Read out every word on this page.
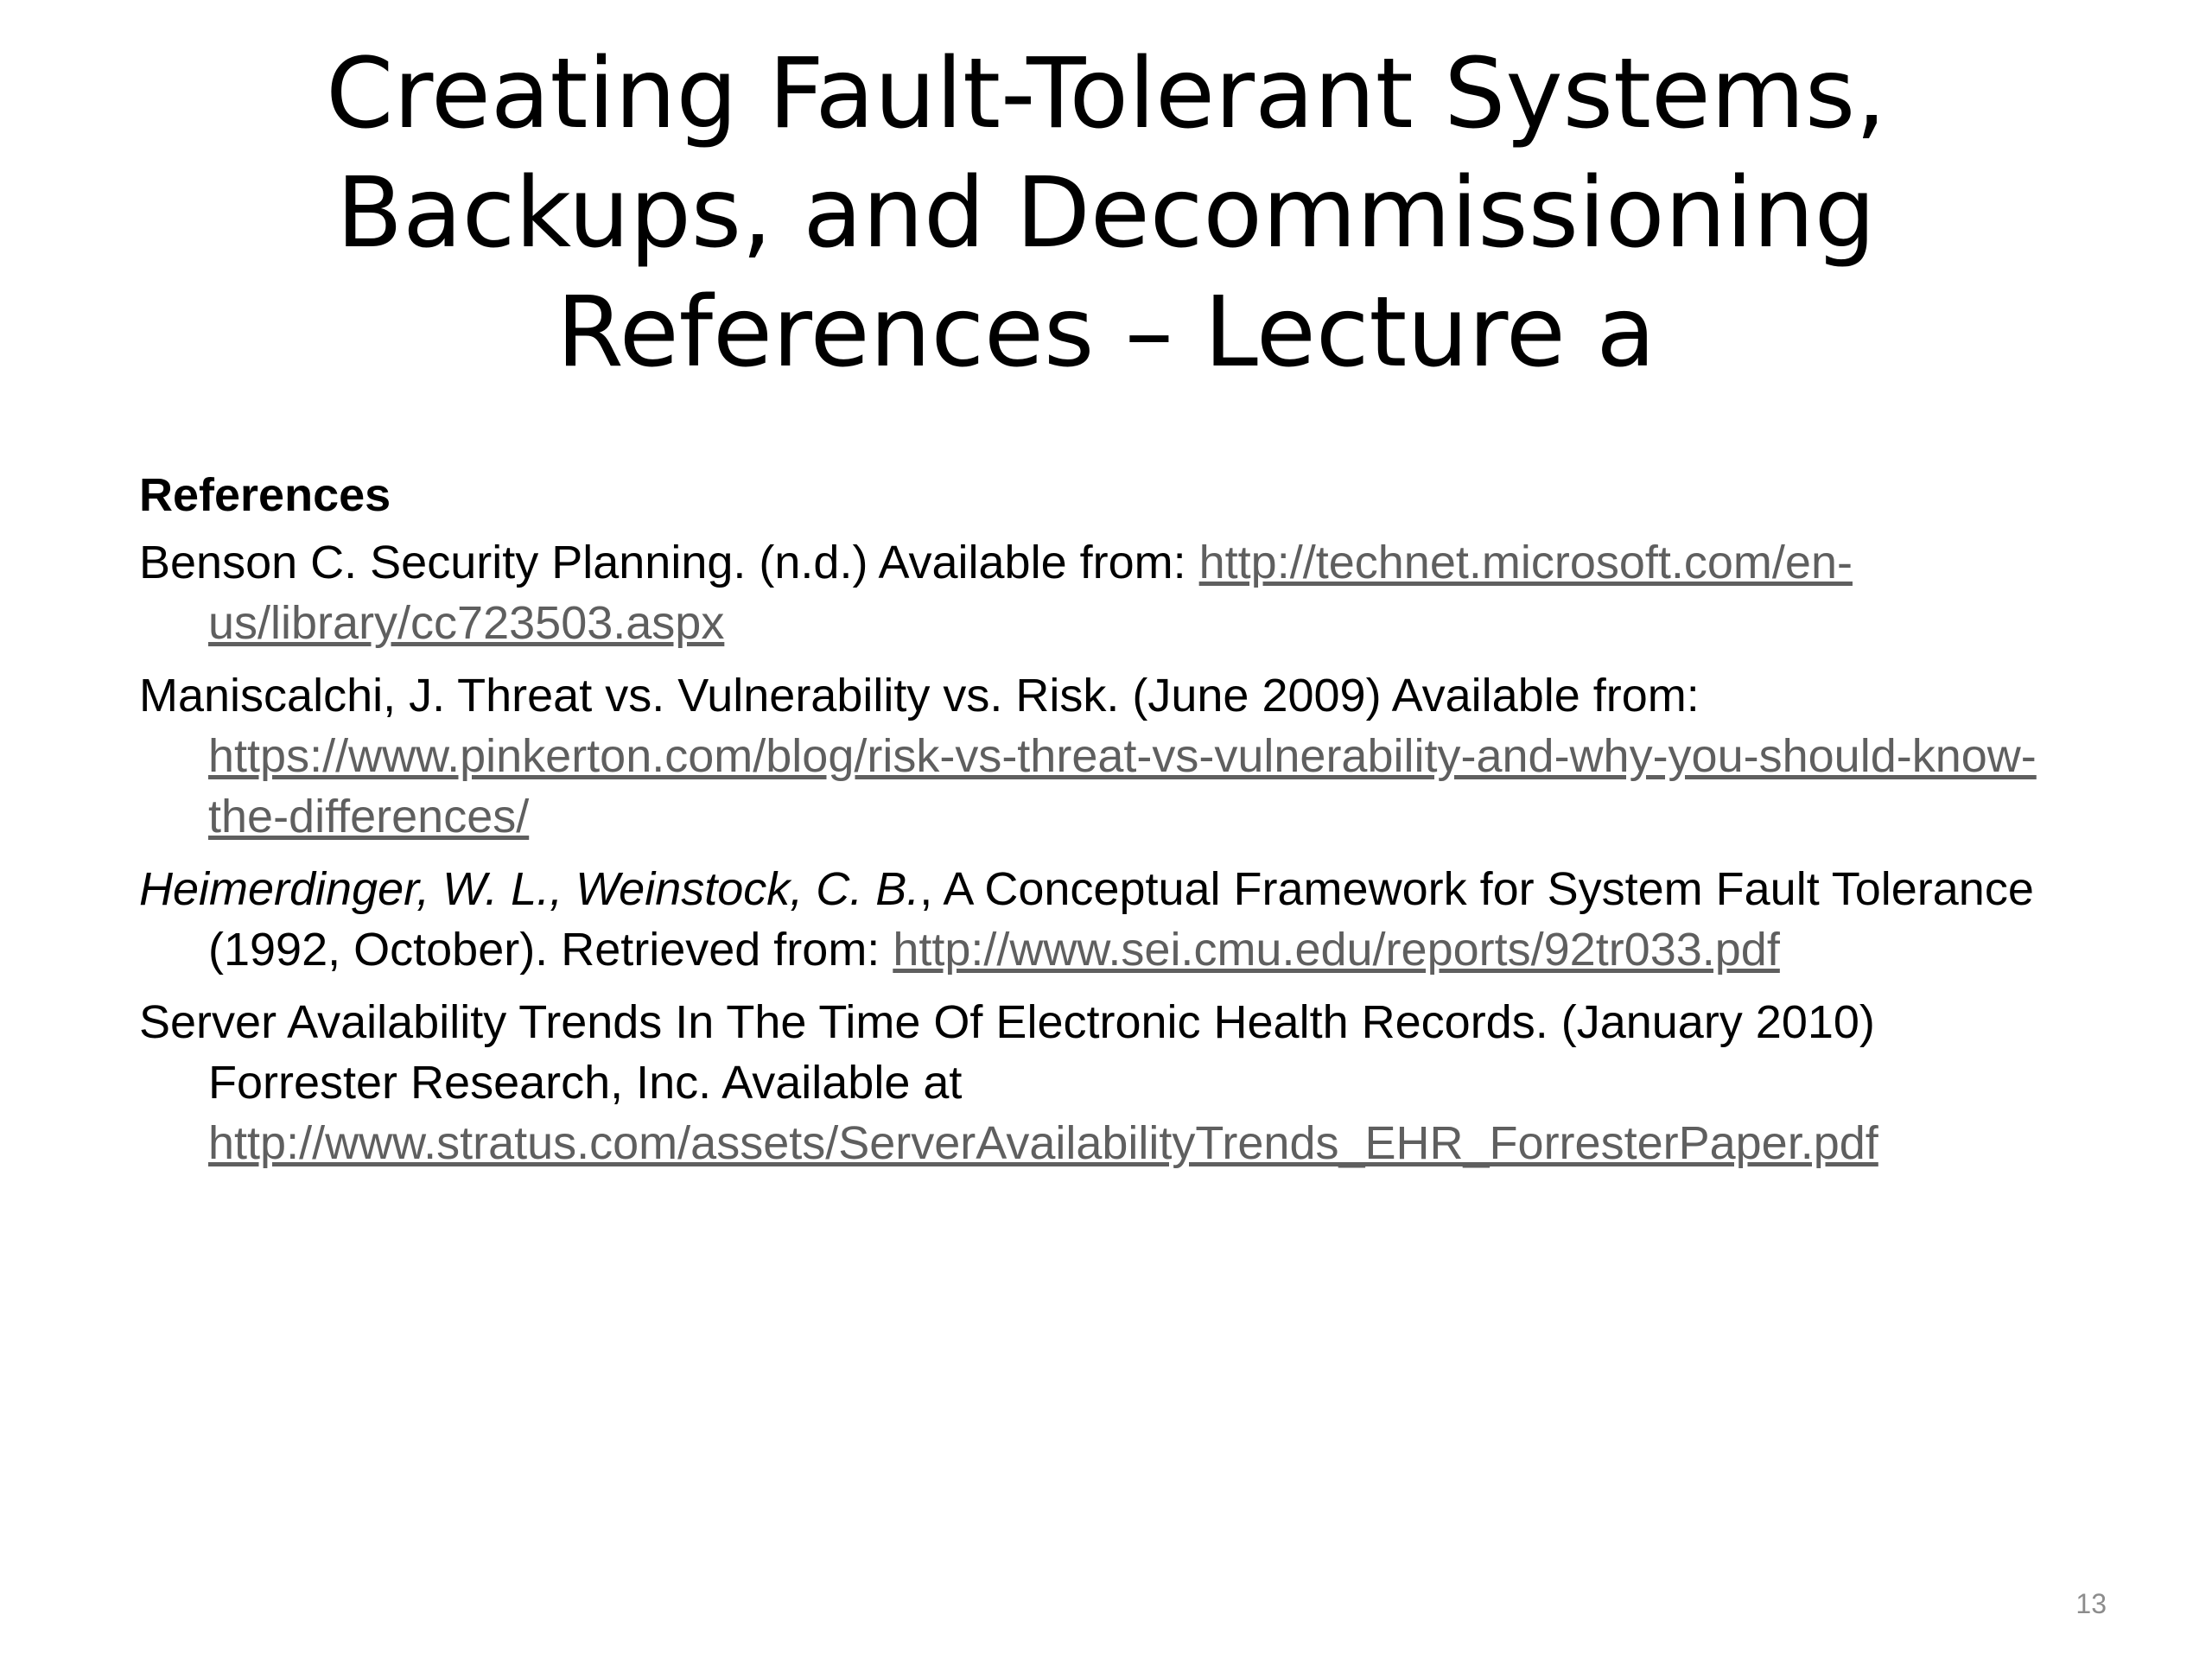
Creating Fault-Tolerant Systems,
Backups, and Decommissioning
References – Lecture a

References

Benson C. Security Planning. (n.d.) Available from: http://technet.microsoft.com/en-us/library/cc723503.aspx

Maniscalchi, J. Threat vs. Vulnerability vs. Risk. (June 2009) Available from: https://www.pinkerton.com/blog/risk-vs-threat-vs-vulnerability-and-why-you-should-know-the-differences/

Heimerdinger, W. L., Weinstock, C. B., A Conceptual Framework for System Fault Tolerance (1992, October). Retrieved from: http://www.sei.cmu.edu/reports/92tr033.pdf

Server Availability Trends In The Time Of Electronic Health Records. (January 2010) Forrester Research, Inc. Available at http://www.stratus.com/assets/ServerAvailabilityTrends_EHR_ForresterPaper.pdf

13
